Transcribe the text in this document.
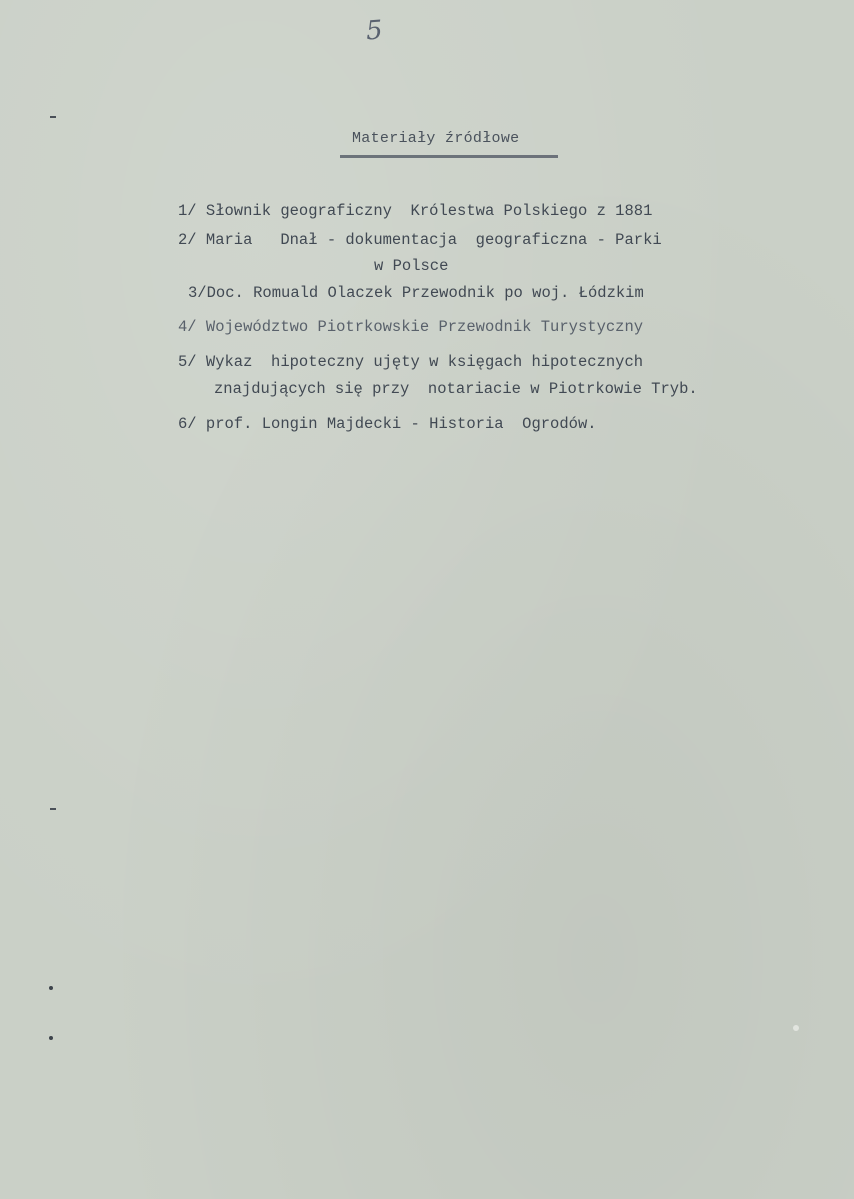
5
Materiały źródłowe
1/ Słownik geograficzny  Królestwa Polskiego z 1881
2/ Maria   Dnał - dokumentacja  geograficzna - Parki
w Polsce
3/Doc. Romuald Olaczek Przewodnik po woj. Łódzkim
4/ Województwo Piotrkowskie Przewodnik Turystyczny
5/ Wykaz  hipoteczny ujęty w księgach hipotecznych
znajdujących się przy  notariacie w Piotrkowie Tryb.
6/ prof. Longin Majdecki - Historia  Ogrodów.
